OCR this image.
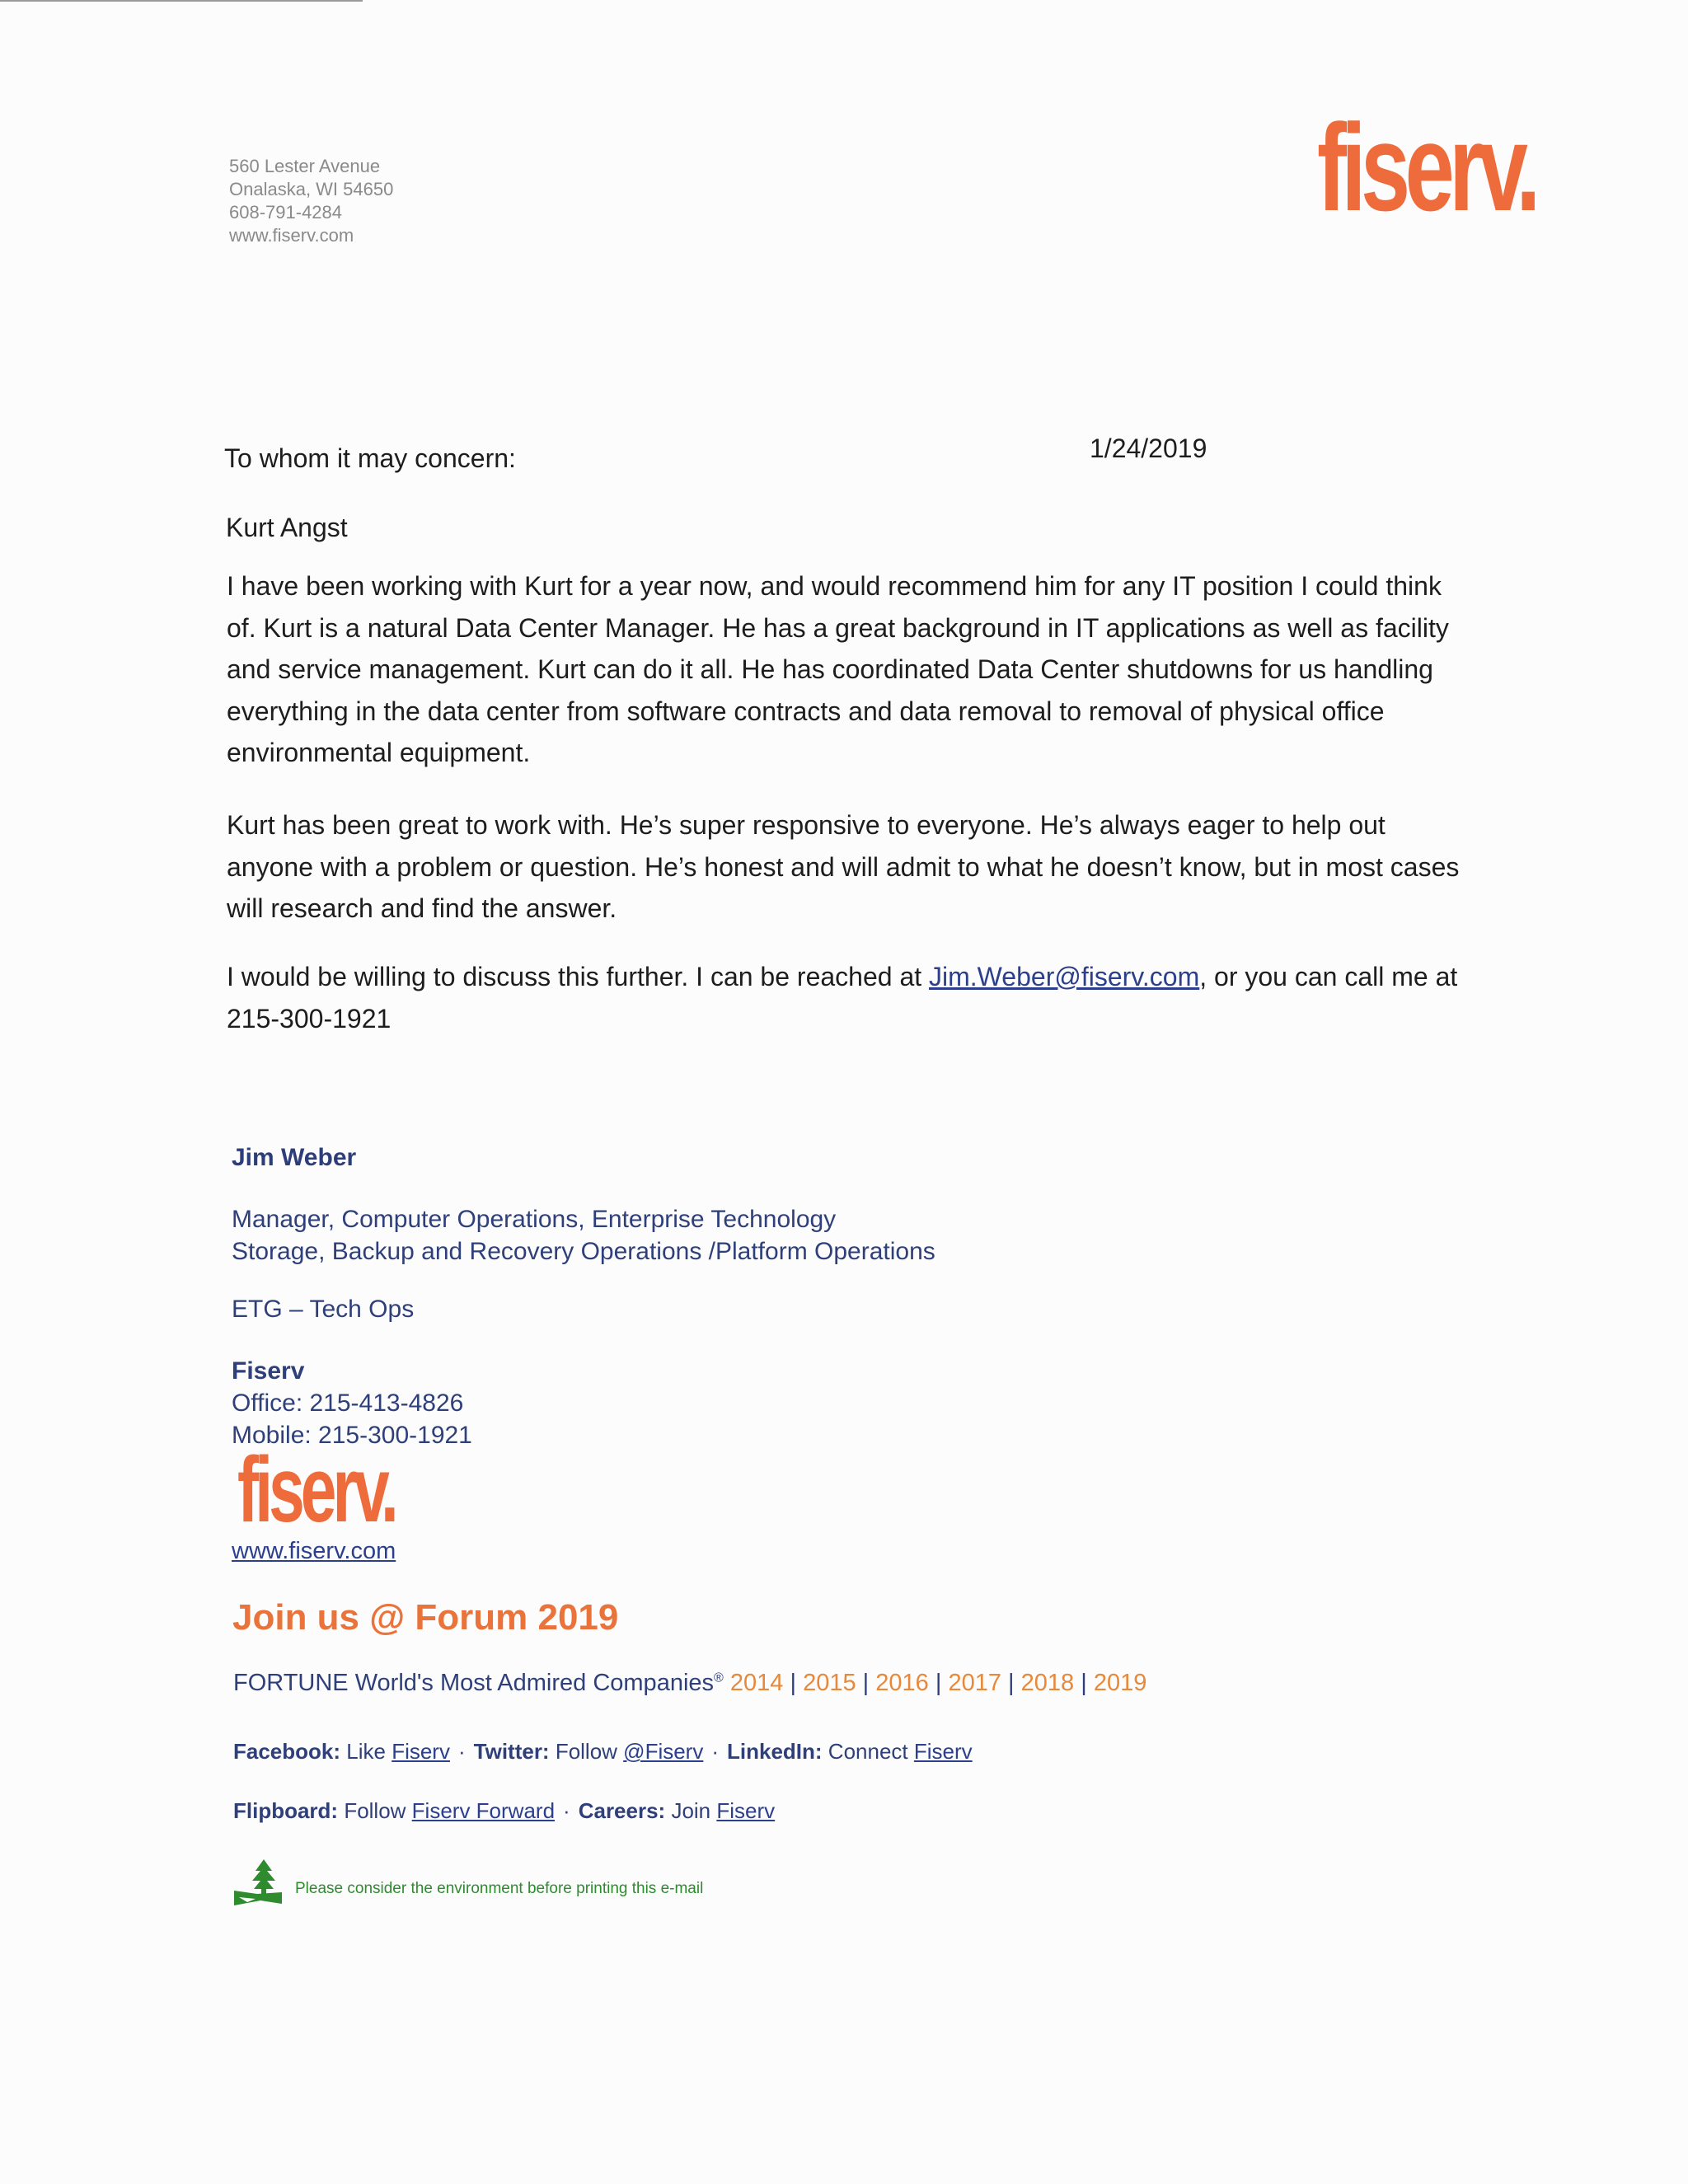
560 Lester Avenue
Onalaska, WI 54650
608-791-4284
www.fiserv.com	fiserv.
To whom it may concern:	1/24/2019
Kurt Angst
I have been working with Kurt for a year now, and would recommend him for any IT position I could think of. Kurt is a natural Data Center Manager. He has a great background in IT applications as well as facility and service management. Kurt can do it all. He has coordinated Data Center shutdowns for us handling everything in the data center from software contracts and data removal to removal of physical office environmental equipment.
Kurt has been great to work with. He’s super responsive to everyone. He’s always eager to help out anyone with a problem or question. He’s honest and will admit to what he doesn’t know, but in most cases will research and find the answer.
I would be willing to discuss this further. I can be reached at Jim.Weber@fiserv.com, or you can call me at 215-300-1921
Jim Weber
Manager, Computer Operations, Enterprise Technology
Storage, Backup and Recovery Operations /Platform Operations
ETG – Tech Ops
Fiserv
Office: 215-413-4826
Mobile: 215-300-1921
fiserv.
www.fiserv.com
Join us @ Forum 2019
FORTUNE World's Most Admired Companies® 2014 | 2015 | 2016 | 2017 | 2018 | 2019
Facebook: Like Fiserv · Twitter: Follow @Fiserv · LinkedIn: Connect Fiserv
Flipboard: Follow Fiserv Forward · Careers: Join Fiserv
Please consider the environment before printing this e-mail
